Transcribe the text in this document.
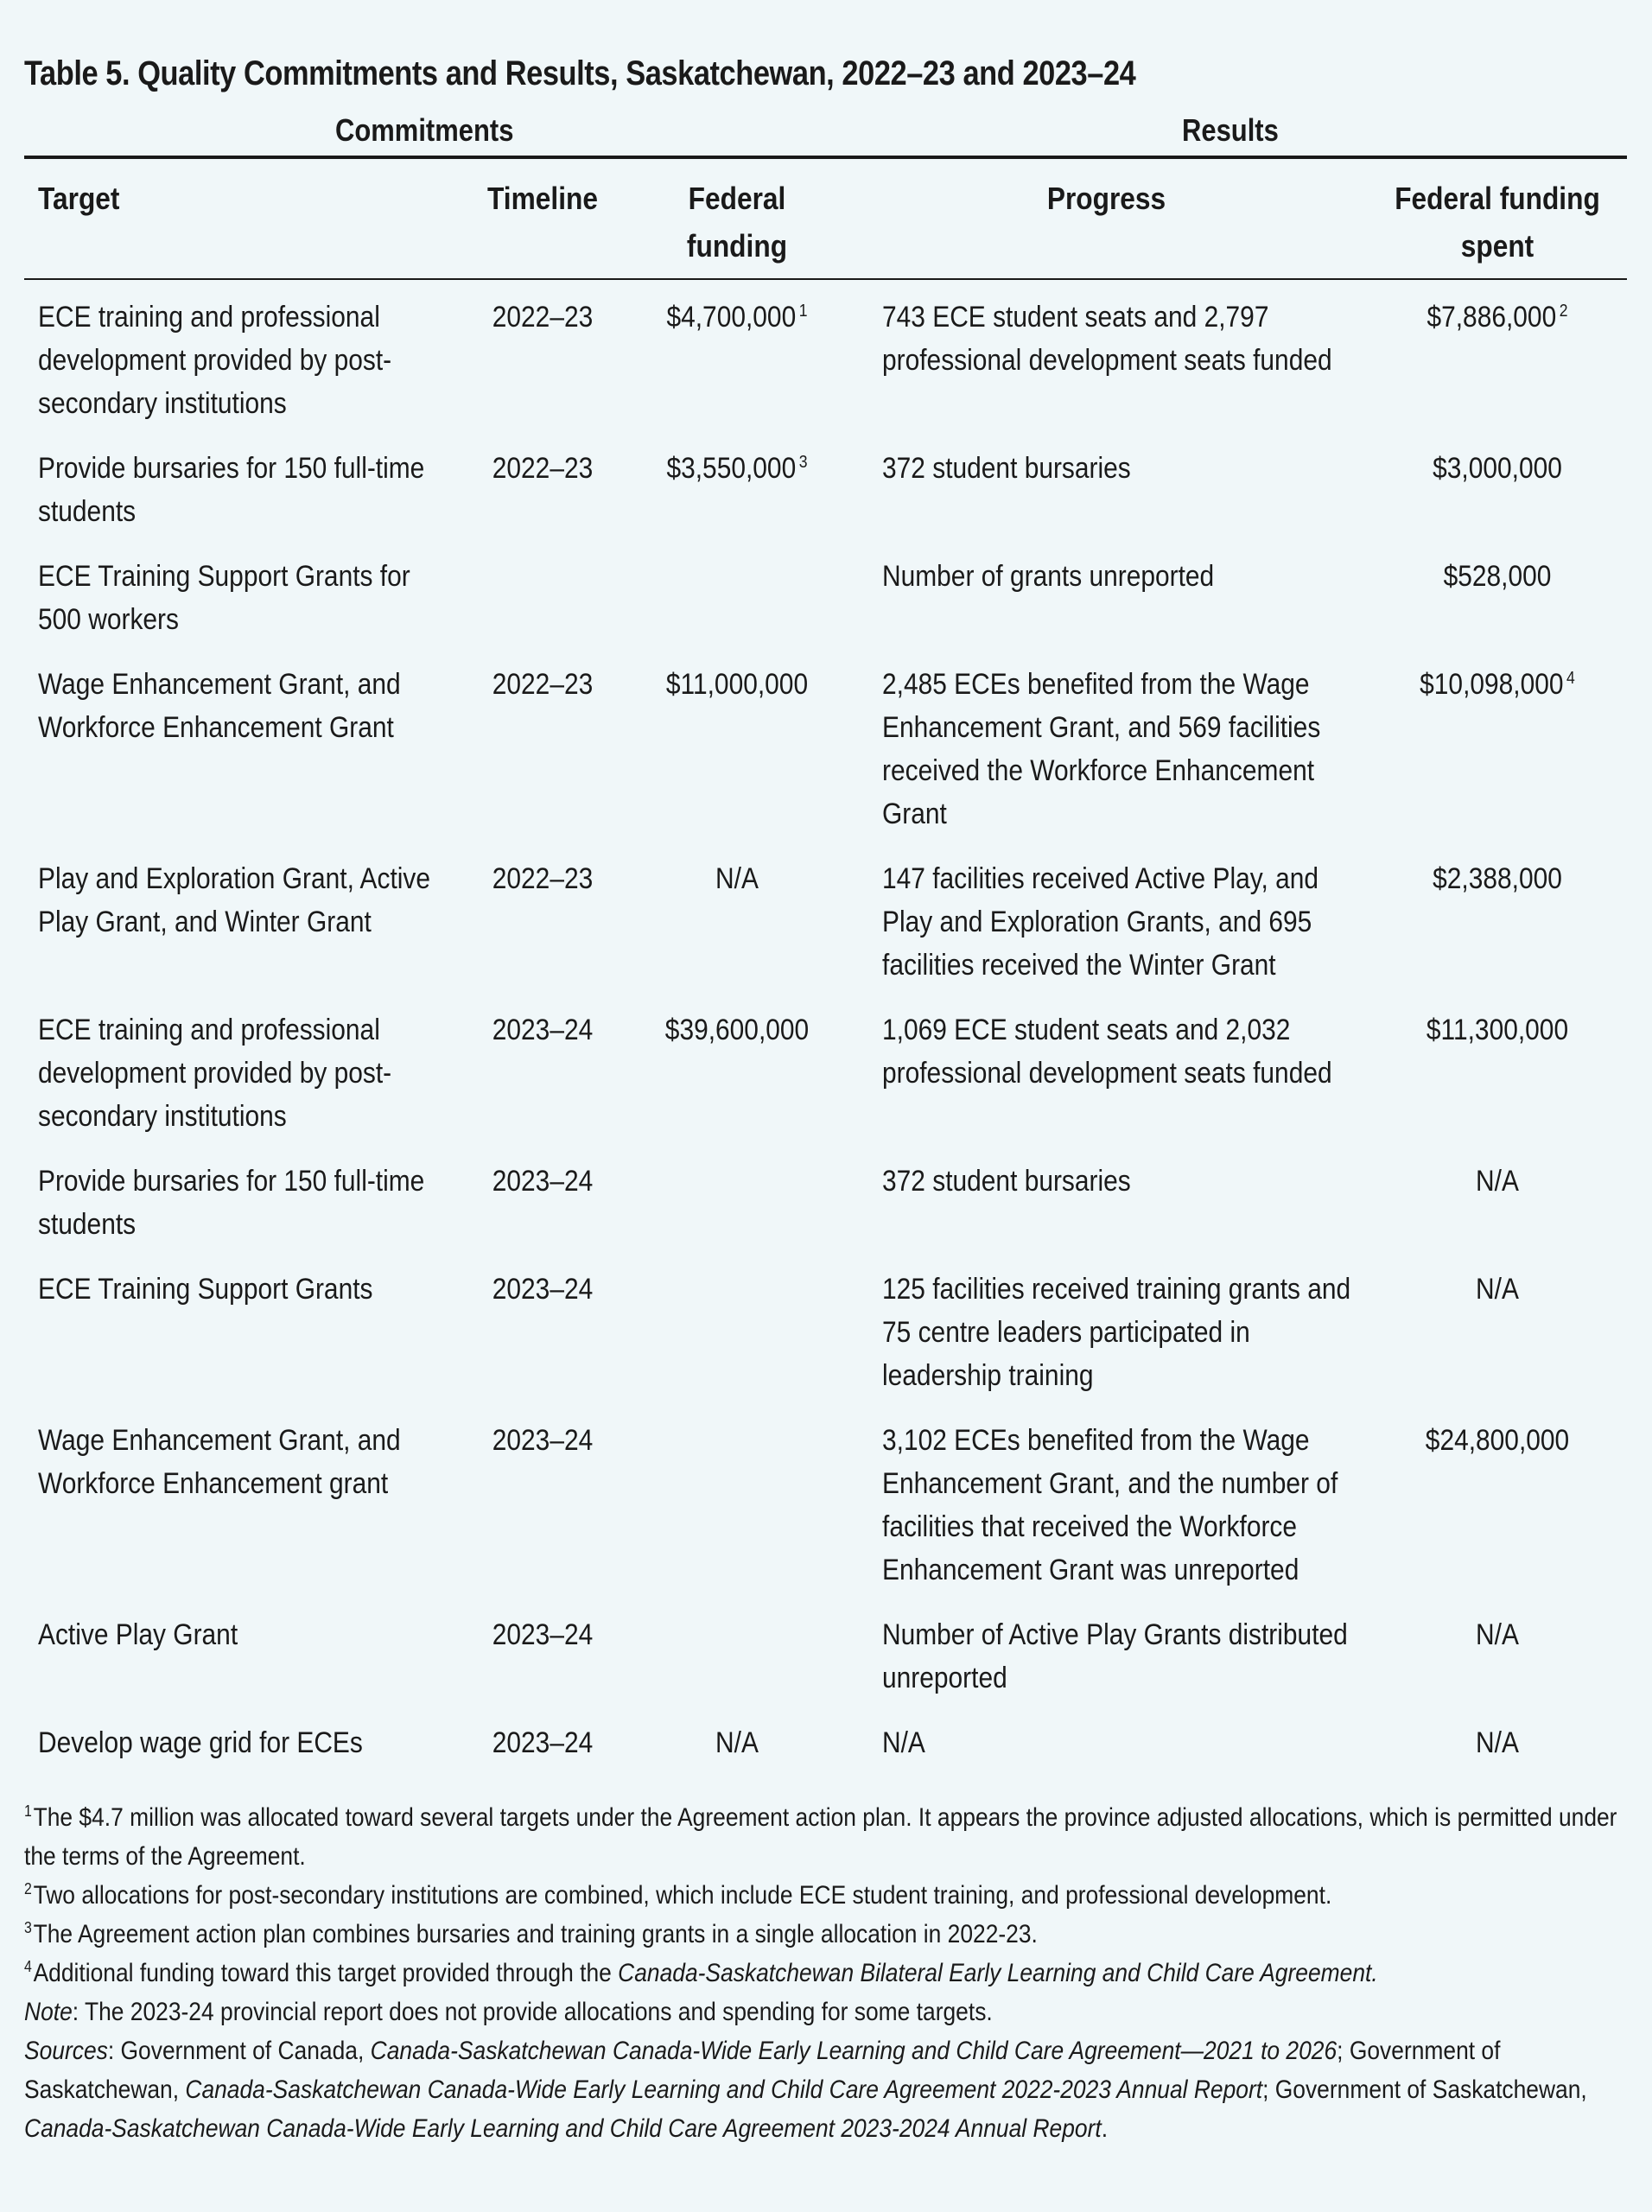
Table 5. Quality Commitments and Results, Saskatchewan, 2022–23 and 2023–24
Commitments	Results
Target	Timeline	Federal funding	Progress	Federal funding spent
ECE training and professional development provided by post-secondary institutions	2022–23	$4,700,000 $^1$	743 ECE student seats and 2,797 professional development seats funded	$7,886,000 $^2$
Provide bursaries for 150 full-time students	2022–23	$3,550,000 $^3$	372 student bursaries	$3,000,000
ECE Training Support Grants for 500 workers			Number of grants unreported	$528,000
Wage Enhancement Grant, and Workforce Enhancement Grant	2022–23	$11,000,000	2,485 ECEs benefited from the Wage Enhancement Grant, and 569 facilities received the Workforce Enhancement Grant	$10,098,000 $^4$
Play and Exploration Grant, Active Play Grant, and Winter Grant	2022–23	N/A	147 facilities received Active Play, and Play and Exploration Grants, and 695 facilities received the Winter Grant	$2,388,000
ECE training and professional development provided by post-secondary institutions	2023–24	$39,600,000	1,069 ECE student seats and 2,032 professional development seats funded	$11,300,000
Provide bursaries for 150 full-time students	2023–24		372 student bursaries	N/A
ECE Training Support Grants	2023–24		125 facilities received training grants and 75 centre leaders participated in leadership training	N/A
Wage Enhancement Grant, and Workforce Enhancement grant	2023–24		3,102 ECEs benefited from the Wage Enhancement Grant, and the number of facilities that received the Workforce Enhancement Grant was unreported	$24,800,000
Active Play Grant	2023–24		Number of Active Play Grants distributed unreported	N/A
Develop wage grid for ECEs	2023–24	N/A	N/A	N/A

$^1$The $4.7 million was allocated toward several targets under the Agreement action plan. It appears the province adjusted allocations, which is permitted under the terms of the Agreement.

$^2$Two allocations for post-secondary institutions are combined, which include ECE student training, and professional development.

$^3$The Agreement action plan combines bursaries and training grants in a single allocation in 2022-23.

$^4$Additional funding toward this target provided through the Canada-Saskatchewan Bilateral Early Learning and Child Care Agreement.

Note: The 2023-24 provincial report does not provide allocations and spending for some targets.

Sources: Government of Canada, Canada-Saskatchewan Canada-Wide Early Learning and Child Care Agreement—2021 to 2026; Government of Saskatchewan, Canada-Saskatchewan Canada-Wide Early Learning and Child Care Agreement 2022-2023 Annual Report; Government of Saskatchewan, Canada-Saskatchewan Canada-Wide Early Learning and Child Care Agreement 2023-2024 Annual Report.
